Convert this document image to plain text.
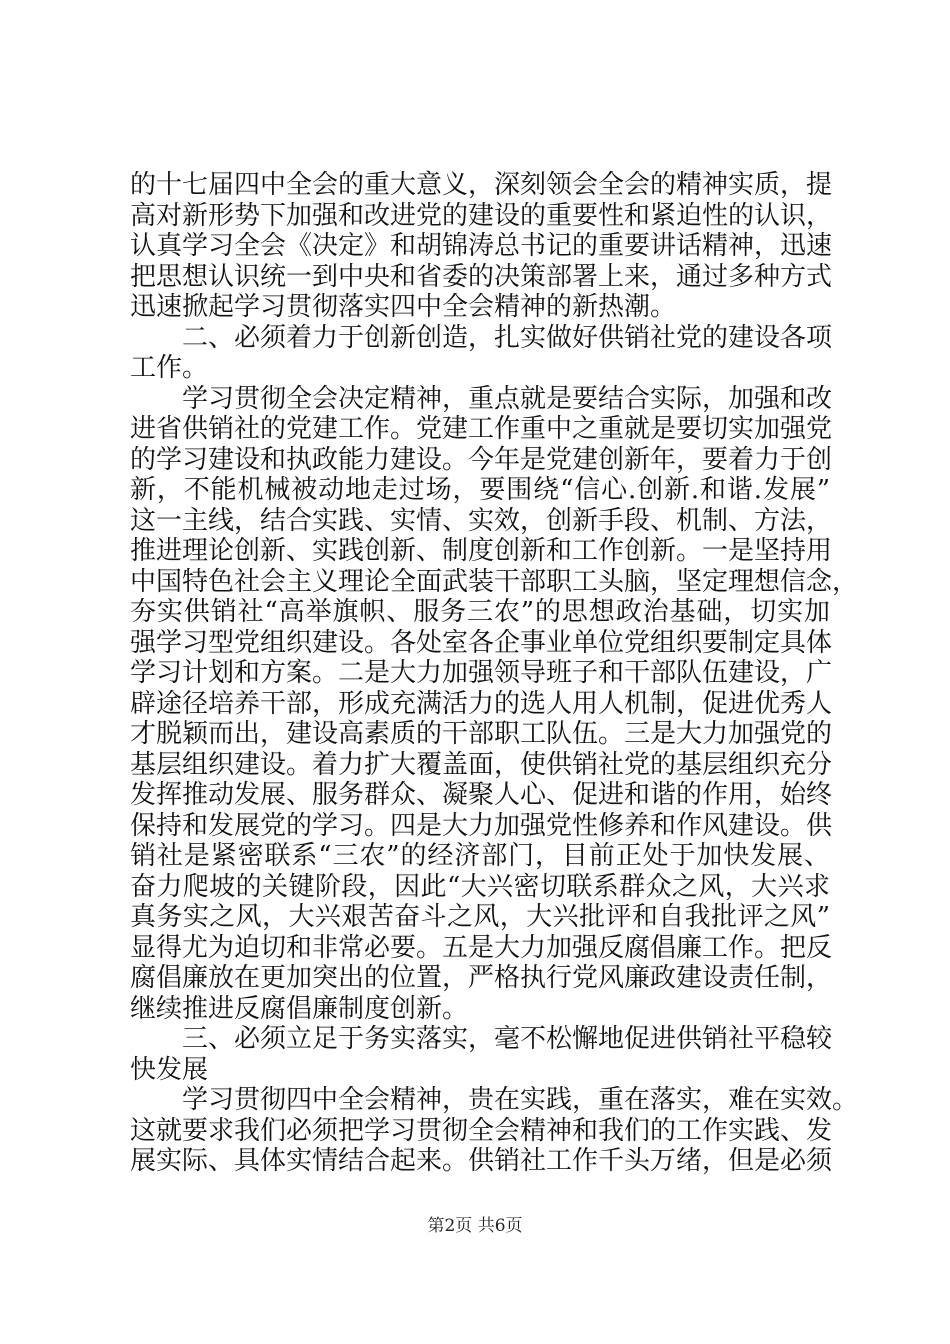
的十七届四中全会的重大意义，深刻领会全会的精神实质，提
高对新形势下加强和改进党的建设的重要性和紧迫性的认识，
认真学习全会《决定》和胡锦涛总书记的重要讲话精神，迅速
把思想认识统一到中央和省委的决策部署上来，通过多种方式
迅速掀起学习贯彻落实四中全会精神的新热潮。
二、必须着力于创新创造，扎实做好供销社党的建设各项
工作。
学习贯彻全会决定精神，重点就是要结合实际，加强和改
进省供销社的党建工作。党建工作重中之重就是要切实加强党
的学习建设和执政能力建设。今年是党建创新年，要着力于创
新，不能机械被动地走过场，要围绕“信心.创新.和谐.发展”
这一主线，结合实践、实情、实效，创新手段、机制、方法，
推进理论创新、实践创新、制度创新和工作创新。一是坚持用
中国特色社会主义理论全面武装干部职工头脑，坚定理想信念，
夯实供销社“高举旗帜、服务三农”的思想政治基础，切实加
强学习型党组织建设。各处室各企事业单位党组织要制定具体
学习计划和方案。二是大力加强领导班子和干部队伍建设，广
辟途径培养干部，形成充满活力的选人用人机制，促进优秀人
才脱颖而出，建设高素质的干部职工队伍。三是大力加强党的
基层组织建设。着力扩大覆盖面，使供销社党的基层组织充分
发挥推动发展、服务群众、凝聚人心、促进和谐的作用，始终
保持和发展党的学习。四是大力加强党性修养和作风建设。供
销社是紧密联系“三农”的经济部门，目前正处于加快发展、
奋力爬坡的关键阶段，因此“大兴密切联系群众之风，大兴求
真务实之风，大兴艰苦奋斗之风，大兴批评和自我批评之风”
显得尤为迫切和非常必要。五是大力加强反腐倡廉工作。把反
腐倡廉放在更加突出的位置，严格执行党风廉政建设责任制，
继续推进反腐倡廉制度创新。
三、必须立足于务实落实，毫不松懈地促进供销社平稳较
快发展
学习贯彻四中全会精神，贵在实践，重在落实，难在实效。
这就要求我们必须把学习贯彻全会精神和我们的工作实践、发
展实际、具体实情结合起来。供销社工作千头万绪，但是必须
第2页 共6页
